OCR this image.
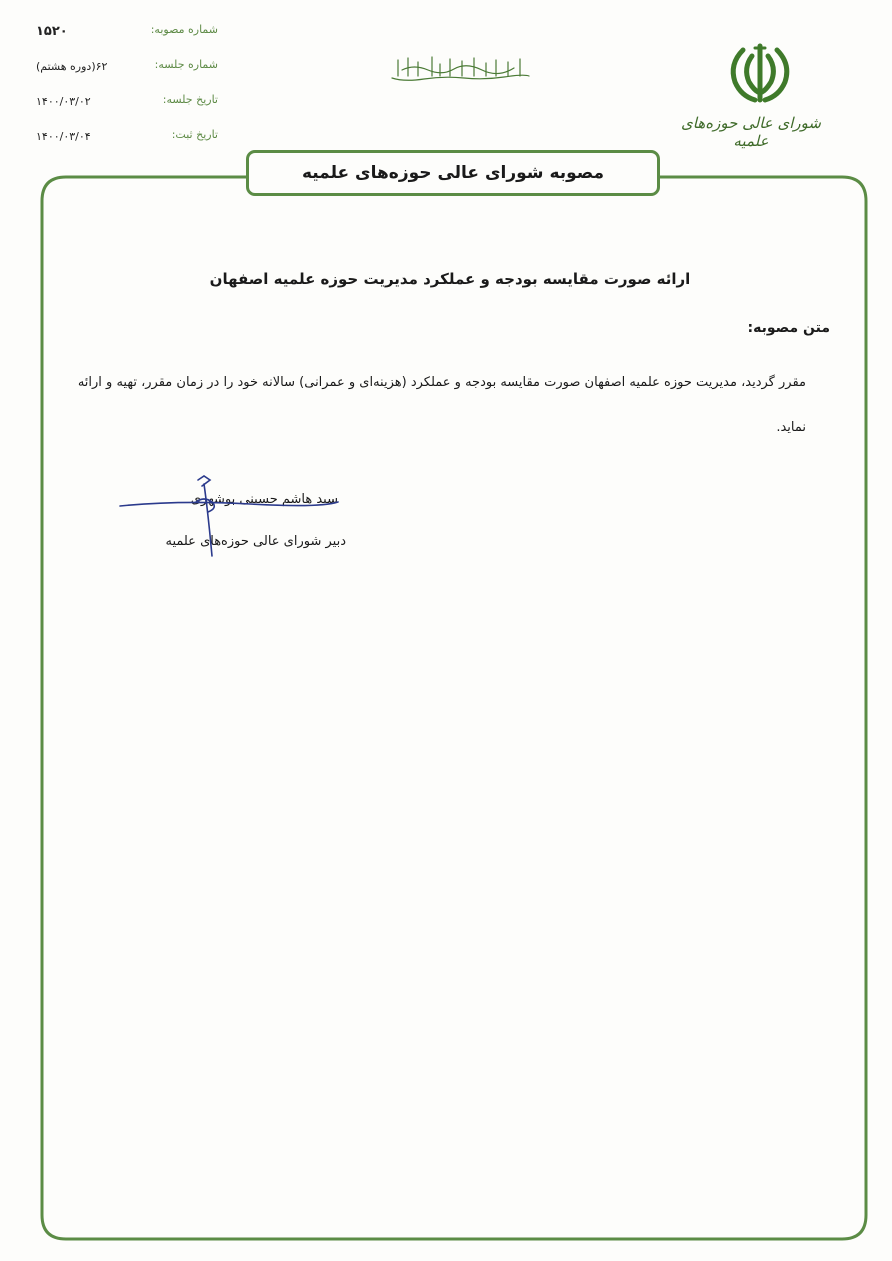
شماره مصوبه:
شماره جلسه:
تاریخ جلسه:
تاریخ ثبت:
۱۵۲۰
۶۲(دوره هشتم)
۱۴۰۰/۰۳/۰۲
۱۴۰۰/۰۳/۰۴
شورای عالی حوزه‌های علمیه
مصوبه شورای عالی حوزه‌های علمیه
ارائه صورت مقایسه بودجه و عملکرد مدیریت حوزه علمیه اصفهان
متن مصوبه:
مقرر گردید، مدیریت حوزه علمیه اصفهان صورت مقایسه بودجه و عملکرد (هزینه‌ای و عمرانی) سالانه خود را در زمان مقرر، تهیه و ارائه نماید.
سید هاشم حسینی بوشهری
دبیر شورای عالی حوزه‌های علمیه
